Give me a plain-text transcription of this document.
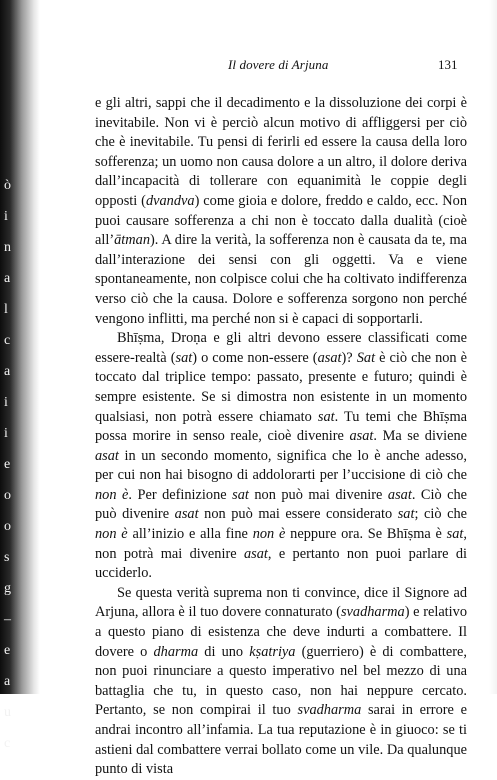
ò
i
n
a
l
c
a
i
i
e
o
o
s
g
–
e
a
u
c
Il dovere di Arjuna	131

e gli altri, sappi che il decadimento e la dissoluzione dei corpi è inevitabile. Non vi è perciò alcun motivo di affliggersi per ciò che è inevitabile. Tu pensi di ferirli ed essere la causa della loro sofferenza; un uomo non causa dolore a un altro, il dolore deriva dall’incapacità di tollerare con equanimità le coppie degli opposti (dvandva) come gioia e dolore, freddo e caldo, ecc. Non puoi causare sofferenza a chi non è toccato dalla dualità (cioè all’ātman). A dire la verità, la sofferenza non è causata da te, ma dall’interazione dei sensi con gli oggetti. Va e viene spontaneamente, non colpisce colui che ha coltivato indifferenza verso ciò che la causa. Dolore e sofferenza sorgono non perché vengono inflitti, ma perché non si è capaci di sopportarli.

Bhīṣma, Droṇa e gli altri devono essere classificati come essere-realtà (sat) o come non-essere (asat)? Sat è ciò che non è toccato dal triplice tempo: passato, presente e futuro; quindi è sempre esistente. Se si dimostra non esistente in un momento qualsiasi, non potrà essere chiamato sat. Tu temi che Bhīṣma possa morire in senso reale, cioè divenire asat. Ma se diviene asat in un secondo momento, significa che lo è anche adesso, per cui non hai bisogno di addolorarti per l’uccisione di ciò che non è. Per definizione sat non può mai divenire asat. Ciò che può divenire asat non può mai essere considerato sat; ciò che non è all’inizio e alla fine non è neppure ora. Se Bhīṣma è sat, non potrà mai divenire asat, e pertanto non puoi parlare di ucciderlo.

Se questa verità suprema non ti convince, dice il Signore ad Arjuna, allora è il tuo dovere connaturato (svadharma) e relativo a questo piano di esistenza che deve indurti a combattere. Il dovere o dharma di uno kṣatriya (guerriero) è di combattere, non puoi rinunciare a questo imperativo nel bel mezzo di una battaglia che tu, in questo caso, non hai neppure cercato. Pertanto, se non compirai il tuo svadharma sarai in errore e andrai incontro all’infamia. La tua reputazione è in giuoco: se ti astieni dal combattere verrai bollato come un vile. Da qualunque punto di vista
